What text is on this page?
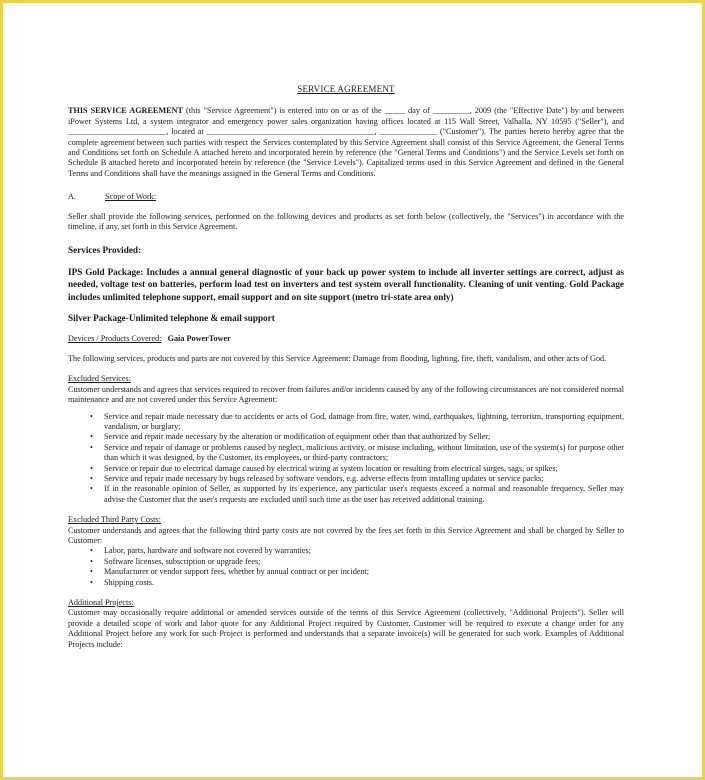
SERVICE AGREEMENT

THIS SERVICE AGREEMENT (this "Service Agreement") is entered into on or as of the _____ day of _________, 2009 (the "Effective Date") by and between iPower Systems Ltd, a system integrator and emergency power sales organization having offices located at 115 Wall Street, Valhalla, NY 10595 ("Seller"), and ________________________, located at _________________________________________, ______________ ("Customer"). The parties hereto hereby agree that the complete agreement between such parties with respect the Services contemplated by this Service Agreement shall consist of this Service Agreement, the General Terms and Conditions set forth on Schedule A attached hereto and incorporated herein by reference (the "General Terms and Conditions") and the Service Levels set forth on Schedule B attached hereto and incorporated herein by reference (the "Service Levels"). Capitalized terms used in this Service Agreement and defined in the General Terms and Conditions shall have the meanings assigned in the General Terms and Conditions.

A.	Scope of Work:

Seller shall provide the following services, performed on the following devices and products as set forth below (collectively, the "Services") in accordance with the timeline, if any, set forth in this Service Agreement.

Services Provided:

IPS Gold Package: Includes a annual general diagnostic of your back up power system to include all inverter settings are correct, adjust as needed, voltage test on batteries, perform load test on inverters and test system overall functionality. Cleaning of unit venting. Gold Package includes unlimited telephone support, email support and on site support (metro tri-state area only)

Silver Package-Unlimited telephone & email support
Devices / Products Covered: Gaia PowerTower

The following services, products and parts are not covered by this Service Agreement: Damage from flooding, lighting, fire, theft, vandalism, and other acts of God.

Excluded Services:

Customer understands and agrees that services required to recover from failures and/or incidents caused by any of the following circumstances are not considered normal maintenance and are not covered under this Service Agreement:

• Service and repair made necessary due to accidents or acts of God, damage from fire, water, wind, earthquakes, lightning, terrorism, transporting equipment, vandalism, or burglary;
• Service and repair made necessary by the alteration or modification of equipment other than that authorized by Seller;
• Service and repair of damage or problems caused by neglect, malicious activity, or misuse including, without limitation, use of the system(s) for purpose other than which it was designed, by the Customer, its employees, or third-party contractors;
• Service or repair due to electrical damage caused by electrical wiring at system location or resulting from electrical surges, sags, or spikes;
• Service and repair made necessary by bugs released by software vendors, e.g. adverse effects from installing updates or service packs;
• If in the reasonable opinion of Seller, as supported by its experience, any particular user's requests exceed a normal and reasonable frequency, Seller may advise the Customer that the user's requests are excluded until such time as the user has received additional training.
Excluded Third Party Costs:

Customer understands and agrees that the following third party costs are not covered by the fees set forth in this Service Agreement and shall be charged by Seller to Customer:

• Labor, parts, hardware and software not covered by warranties;
• Software licenses, subscription or upgrade fees;
• Manufacturer or vendor support fees, whether by annual contract or per incident;
• Shipping costs.
Additional Projects:

Customer may occasionally require additional or amended services outside of the terms of this Service Agreement (collectively, "Additional Projects"). Seller will provide a detailed scope of work and labor quote for any Additional Project required by Customer. Customer will be required to execute a change order for any Additional Project before any work for such Project is performed and understands that a separate invoice(s) will be generated for such work. Examples of Additional Projects include:
